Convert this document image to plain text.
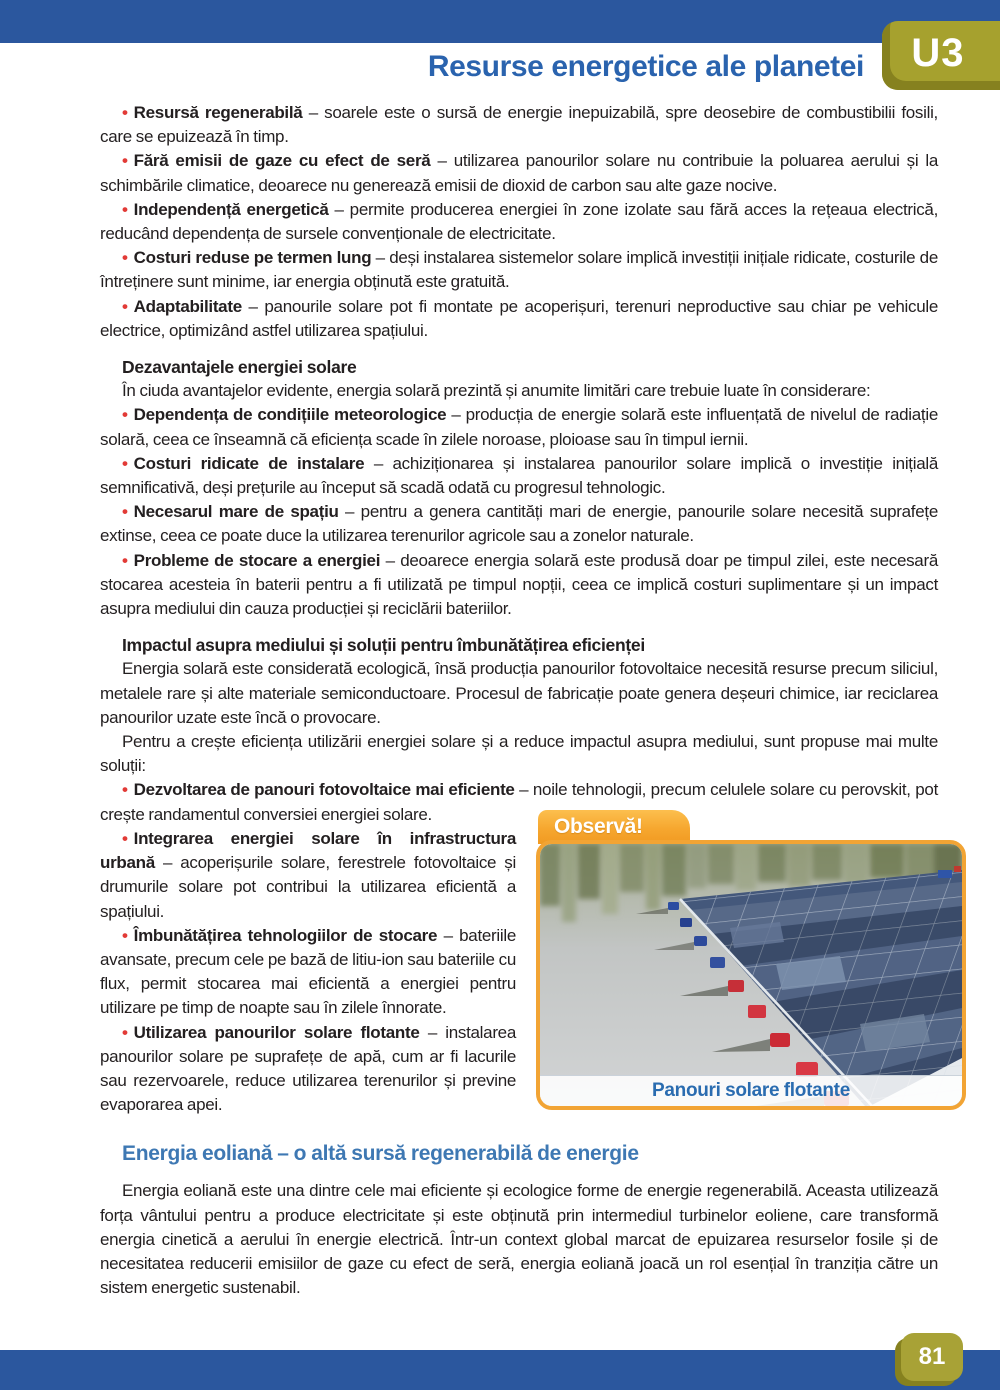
U3
Resurse energetice ale planetei

• Resursă regenerabilă – soarele este o sursă de energie inepuizabilă, spre deosebire de combustibilii fosili, care se epuizează în timp.

• Fără emisii de gaze cu efect de seră – utilizarea panourilor solare nu contribuie la poluarea aerului și la schimbările climatice, deoarece nu generează emisii de dioxid de carbon sau alte gaze nocive.

• Independență energetică – permite producerea energiei în zone izolate sau fără acces la rețeaua electrică, reducând dependența de sursele convenționale de electricitate.

• Costuri reduse pe termen lung – deși instalarea sistemelor solare implică investiții inițiale ridicate, costurile de întreținere sunt minime, iar energia obținută este gratuită.

• Adaptabilitate – panourile solare pot fi montate pe acoperișuri, terenuri neproductive sau chiar pe vehicule electrice, optimizând astfel utilizarea spațiului.

Dezavantajele energiei solare

În ciuda avantajelor evidente, energia solară prezintă și anumite limitări care trebuie luate în considerare:

• Dependența de condițiile meteorologice – producția de energie solară este influențată de nivelul de radiație solară, ceea ce înseamnă că eficiența scade în zilele noroase, ploioase sau în timpul iernii.

• Costuri ridicate de instalare – achiziționarea și instalarea panourilor solare implică o investiție inițială semnificativă, deși prețurile au început să scadă odată cu progresul tehnologic.

• Necesarul mare de spațiu – pentru a genera cantități mari de energie, panourile solare necesită suprafețe extinse, ceea ce poate duce la utilizarea terenurilor agricole sau a zonelor naturale.

• Probleme de stocare a energiei – deoarece energia solară este produsă doar pe timpul zilei, este necesară stocarea acesteia în baterii pentru a fi utilizată pe timpul nopții, ceea ce implică costuri suplimentare și un impact asupra mediului din cauza producției și reciclării bateriilor.

Impactul asupra mediului și soluții pentru îmbunătățirea eficienței

Energia solară este considerată ecologică, însă producția panourilor fotovoltaice necesită resurse precum siliciul, metalele rare și alte materiale semiconductoare. Procesul de fabricație poate genera deșeuri chimice, iar reciclarea panourilor uzate este încă o provocare.

Pentru a crește eficiența utilizării energiei solare și a reduce impactul asupra mediului, sunt propuse mai multe soluții:

Observă!
Panouri solare flotante
• Dezvoltarea de panouri fotovoltaice mai eficiente – noile tehnologii, precum celulele solare cu perovskit, pot crește randamentul conversiei energiei solare.

• Integrarea energiei solare în infrastructura urbană – acoperișurile solare, ferestrele fotovoltaice și drumurile solare pot contribui la utilizarea eficientă a spațiului.

• Îmbunătățirea tehnologiilor de stocare – bateriile avansate, precum cele pe bază de litiu-ion sau bateriile cu flux, permit stocarea mai eficientă a energiei pentru utilizare pe timp de noapte sau în zilele înnorate.

• Utilizarea panourilor solare flotante – instalarea panourilor solare pe suprafețe de apă, cum ar fi lacurile sau rezervoarele, reduce utilizarea terenurilor și previne evaporarea apei.

Energia eoliană – o altă sursă regenerabilă de energie

Energia eoliană este una dintre cele mai eficiente și ecologice forme de energie regenerabilă. Aceasta utilizează forța vântului pentru a produce electricitate și este obținută prin intermediul turbinelor eoliene, care transformă energia cinetică a aerului în energie electrică. Într-un context global marcat de epuizarea resurselor fosile și de necesitatea reducerii emisiilor de gaze cu efect de seră, energia eoliană joacă un rol esențial în tranziția către un sistem energetic sustenabil.

81
